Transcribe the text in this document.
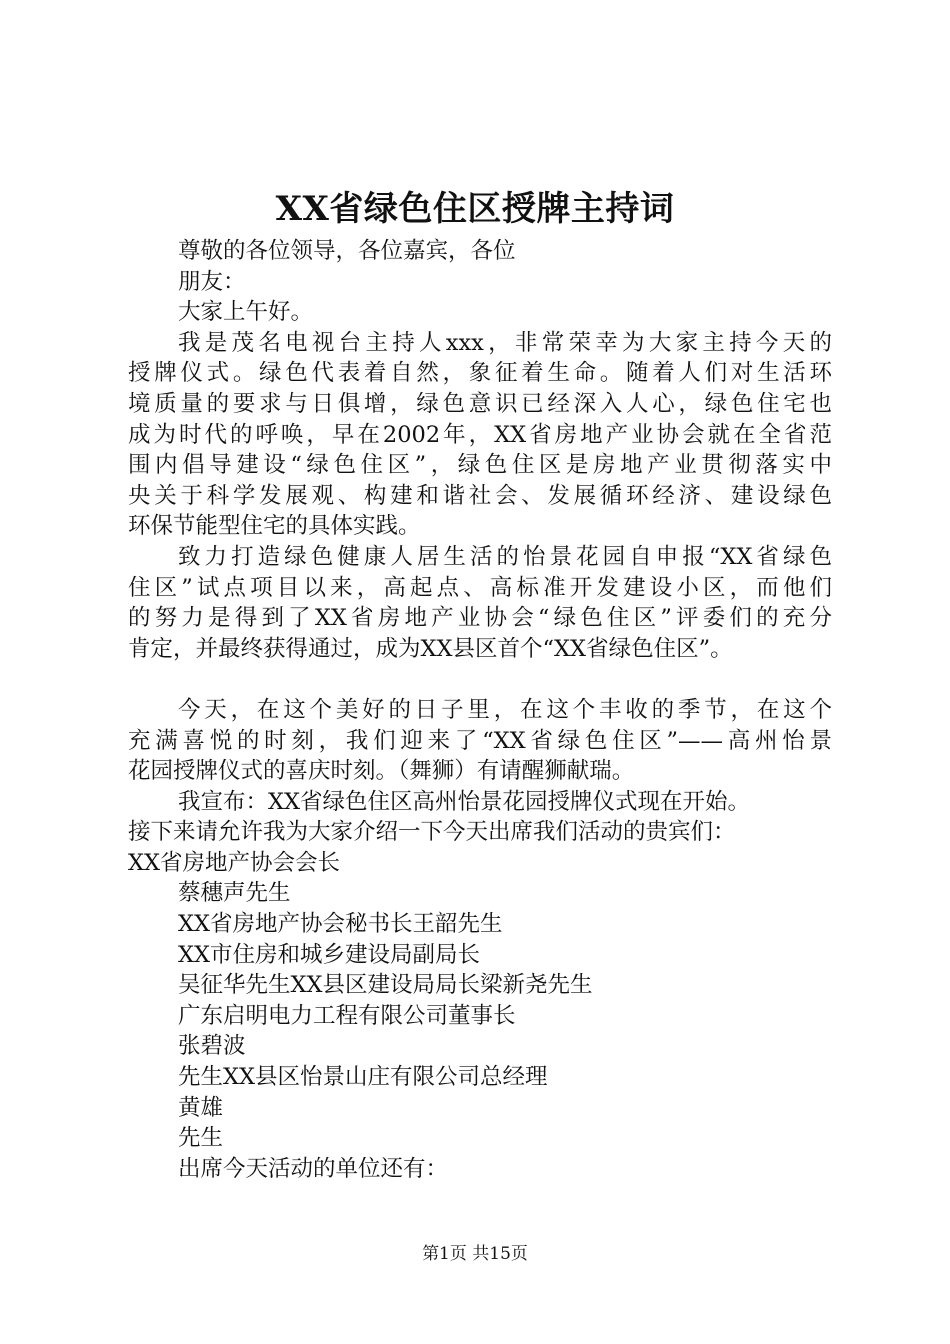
XX省绿色住区授牌主持词
尊敬的各位领导，各位嘉宾，各位
朋友：
大家上午好。
我是茂名电视台主持人xxx，非常荣幸为大家主持今天的
授牌仪式。绿色代表着自然，象征着生命。随着人们对生活环
境质量的要求与日俱增，绿色意识已经深入人心，绿色住宅也
成为时代的呼唤，早在2002年，XX省房地产业协会就在全省范
围内倡导建设“绿色住区”，绿色住区是房地产业贯彻落实中
央关于科学发展观、构建和谐社会、发展循环经济、建设绿色
环保节能型住宅的具体实践。
致力打造绿色健康人居生活的怡景花园自申报“XX省绿色
住区”试点项目以来，高起点、高标准开发建设小区，而他们
的努力是得到了XX省房地产业协会“绿色住区”评委们的充分
肯定，并最终获得通过，成为XX县区首个“XX省绿色住区”。
今天，在这个美好的日子里，在这个丰收的季节，在这个
充满喜悦的时刻，我们迎来了“XX省绿色住区”——高州怡景
花园授牌仪式的喜庆时刻。（舞狮）有请醒狮献瑞。
我宣布：XX省绿色住区高州怡景花园授牌仪式现在开始。
接下来请允许我为大家介绍一下今天出席我们活动的贵宾们：
XX省房地产协会会长
蔡穗声先生
XX省房地产协会秘书长王韶先生
XX市住房和城乡建设局副局长
吴征华先生XX县区建设局局长梁新尧先生
广东启明电力工程有限公司董事长
张碧波
先生XX县区怡景山庄有限公司总经理
黄雄
先生
出席今天活动的单位还有：
第1页 共15页
